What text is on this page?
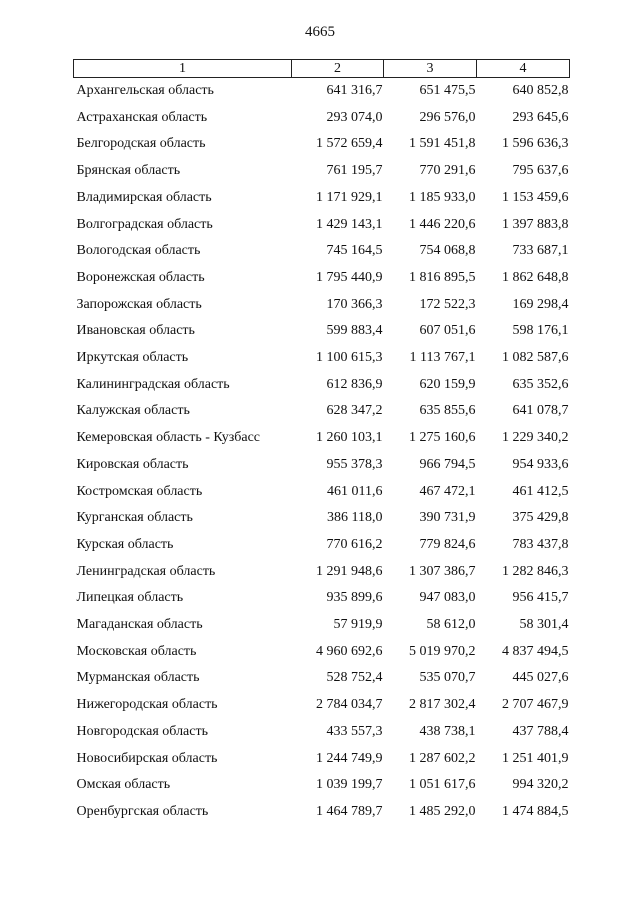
4665
1	2	3	4
Архангельская область	641 316,7	651 475,5	640 852,8
Астраханская область	293 074,0	296 576,0	293 645,6
Белгородская область	1 572 659,4	1 591 451,8	1 596 636,3
Брянская область	761 195,7	770 291,6	795 637,6
Владимирская область	1 171 929,1	1 185 933,0	1 153 459,6
Волгоградская область	1 429 143,1	1 446 220,6	1 397 883,8
Вологодская область	745 164,5	754 068,8	733 687,1
Воронежская область	1 795 440,9	1 816 895,5	1 862 648,8
Запорожская область	170 366,3	172 522,3	169 298,4
Ивановская область	599 883,4	607 051,6	598 176,1
Иркутская область	1 100 615,3	1 113 767,1	1 082 587,6
Калининградская область	612 836,9	620 159,9	635 352,6
Калужская область	628 347,2	635 855,6	641 078,7
Кемеровская область - Кузбасс	1 260 103,1	1 275 160,6	1 229 340,2
Кировская область	955 378,3	966 794,5	954 933,6
Костромская область	461 011,6	467 472,1	461 412,5
Курганская область	386 118,0	390 731,9	375 429,8
Курская область	770 616,2	779 824,6	783 437,8
Ленинградская область	1 291 948,6	1 307 386,7	1 282 846,3
Липецкая область	935 899,6	947 083,0	956 415,7
Магаданская область	57 919,9	58 612,0	58 301,4
Московская область	4 960 692,6	5 019 970,2	4 837 494,5
Мурманская область	528 752,4	535 070,7	445 027,6
Нижегородская область	2 784 034,7	2 817 302,4	2 707 467,9
Новгородская область	433 557,3	438 738,1	437 788,4
Новосибирская область	1 244 749,9	1 287 602,2	1 251 401,9
Омская область	1 039 199,7	1 051 617,6	994 320,2
Оренбургская область	1 464 789,7	1 485 292,0	1 474 884,5
